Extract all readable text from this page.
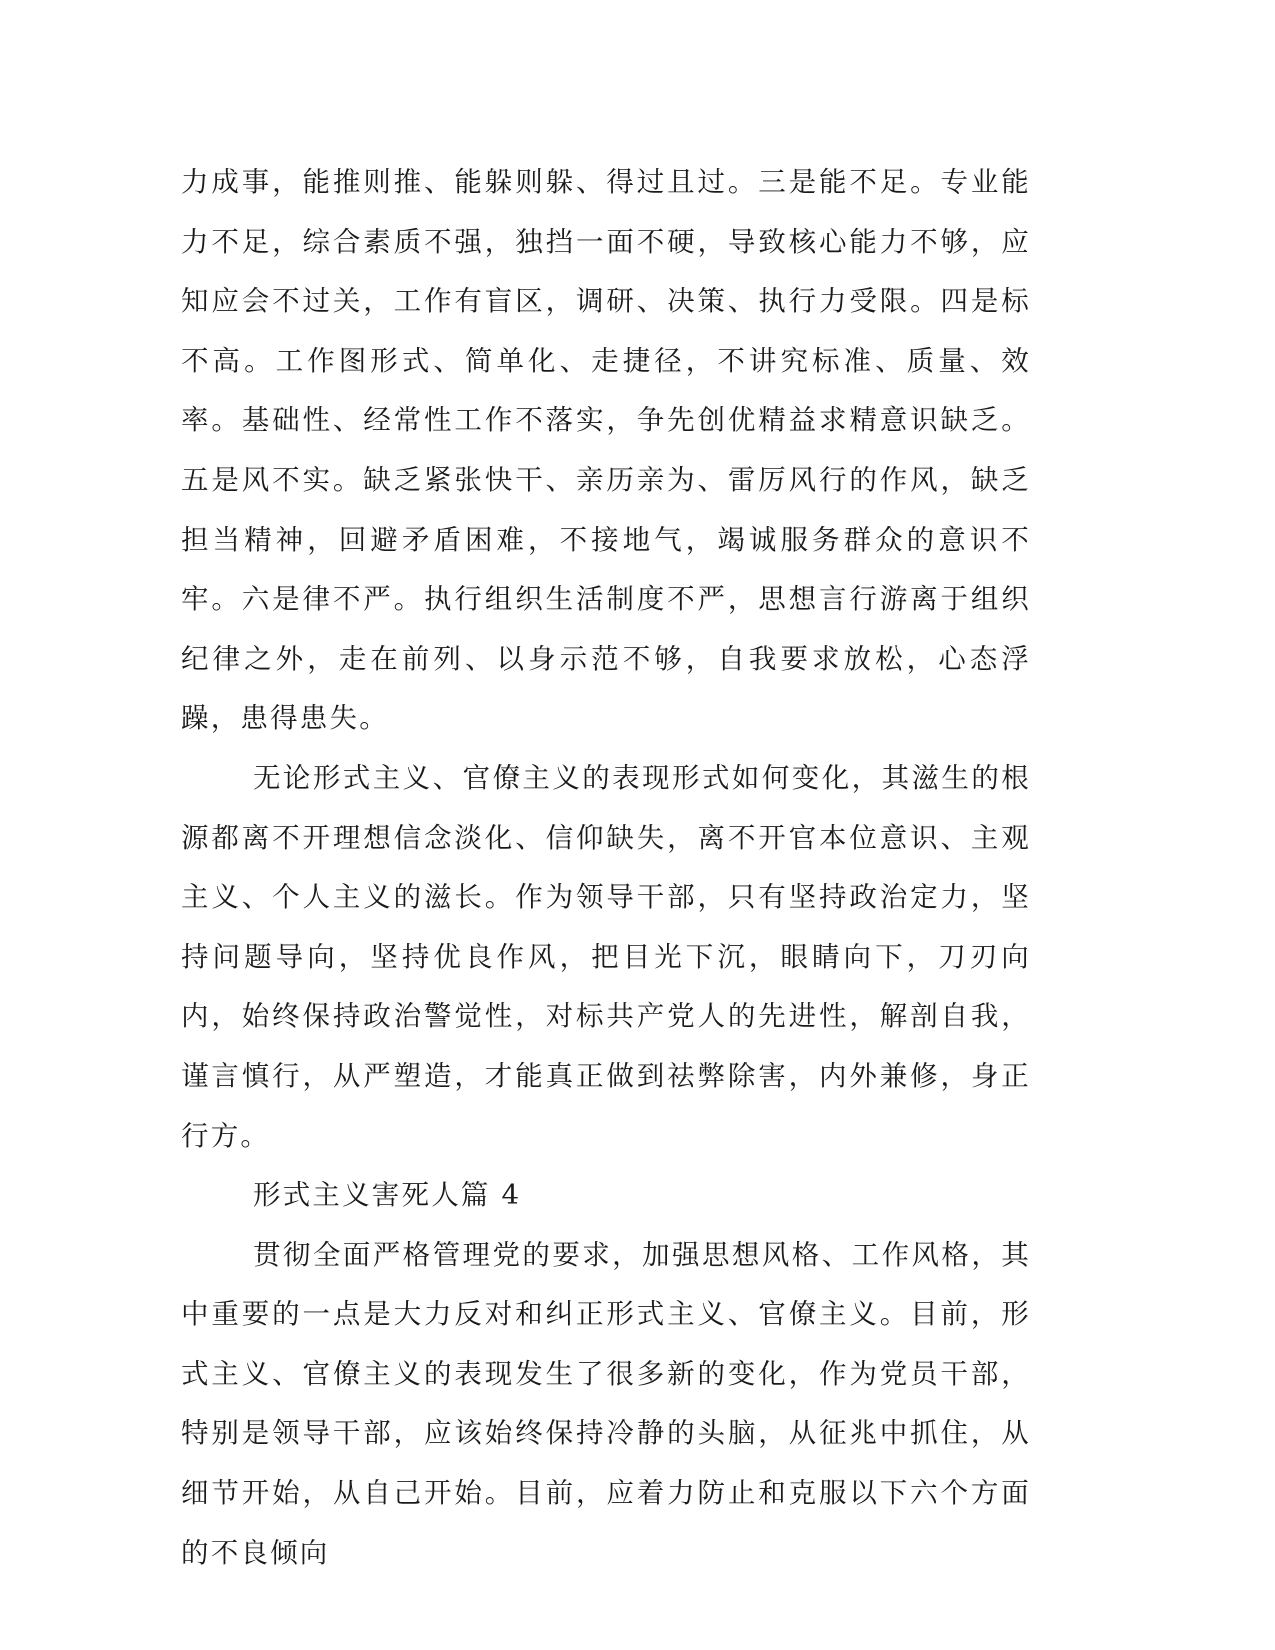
力成事，能推则推、能躲则躲、得过且过。三是能不足。专业能力不足，综合素质不强，独挡一面不硬，导致核心能力不够，应知应会不过关，工作有盲区，调研、决策、执行力受限。四是标不高。工作图形式、简单化、走捷径，不讲究标准、质量、效率。基础性、经常性工作不落实，争先创优精益求精意识缺乏。五是风不实。缺乏紧张快干、亲历亲为、雷厉风行的作风，缺乏担当精神，回避矛盾困难，不接地气，竭诚服务群众的意识不牢。六是律不严。执行组织生活制度不严，思想言行游离于组织纪律之外，走在前列、以身示范不够，自我要求放松，心态浮躁，患得患失。

无论形式主义、官僚主义的表现形式如何变化，其滋生的根源都离不开理想信念淡化、信仰缺失，离不开官本位意识、主观主义、个人主义的滋长。作为领导干部，只有坚持政治定力，坚持问题导向，坚持优良作风，把目光下沉，眼睛向下，刀刃向内，始终保持政治警觉性，对标共产党人的先进性，解剖自我，谨言慎行，从严塑造，才能真正做到祛弊除害，内外兼修，身正行方。

形式主义害死人篇 4

贯彻全面严格管理党的要求，加强思想风格、工作风格，其中重要的一点是大力反对和纠正形式主义、官僚主义。目前，形式主义、官僚主义的表现发生了很多新的变化，作为党员干部，特别是领导干部，应该始终保持冷静的头脑，从征兆中抓住，从细节开始，从自己开始。目前，应着力防止和克服以下六个方面的不良倾向
